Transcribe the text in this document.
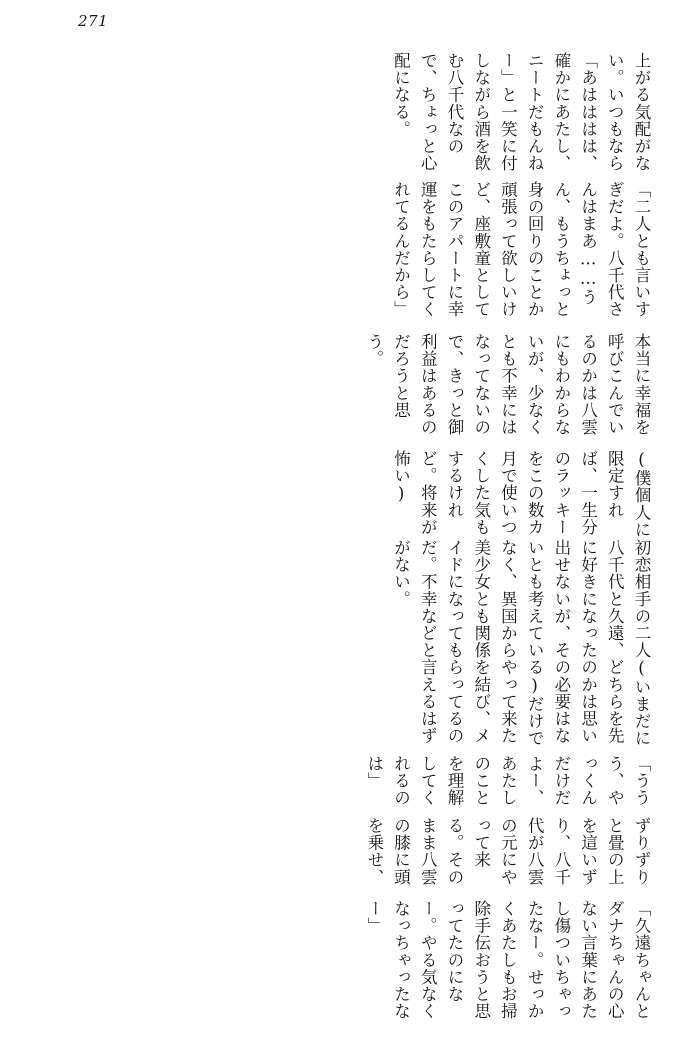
271

上がる気配がない。いつもなら「あはははは、確かにあたし、ニートだもんねー」と一笑に付しながら酒を飲む八千代なので、ちょっと心配になる。

「二人とも言いすぎだよ。八千代さんはまあ……うん、もうちょっと身の回りのことか頑張って欲しいけど、座敷童としてこのアパートに幸運をもたらしてくれてるんだから」

本当に幸福を呼びこんでいるのかは八雲にもわからないが、少なくとも不幸にはなってないので、きっと御利益はあるのだろうと思う。

(僕個人に限定すれば、一生分のラッキーをこの数カ月で使いつくした気もするけれど。将来が怖い)

初恋相手の二人(いまだに八千代と久遠、どちらを先に好きになったのかは思い出せないが、その必要はないとも考えている)だけでなく、異国からやって来た美少女とも関係を結び、メイドになってもらってるのだ。不幸などと言えるはずがない。

「ううう、やっくんだけだよー、あたしのことを理解してくれるのは」

ずりずりと畳の上を這いずり、八千代が八雲の元にやって来る。そのまま八雲の膝に頭を乗せ、

「久遠ちゃんとダナちゃんの心ない言葉にあたし傷ついちゃったなー。せっかくあたしもお掃除手伝おうと思ってたのになー。やる気なくなっちゃったなー」
